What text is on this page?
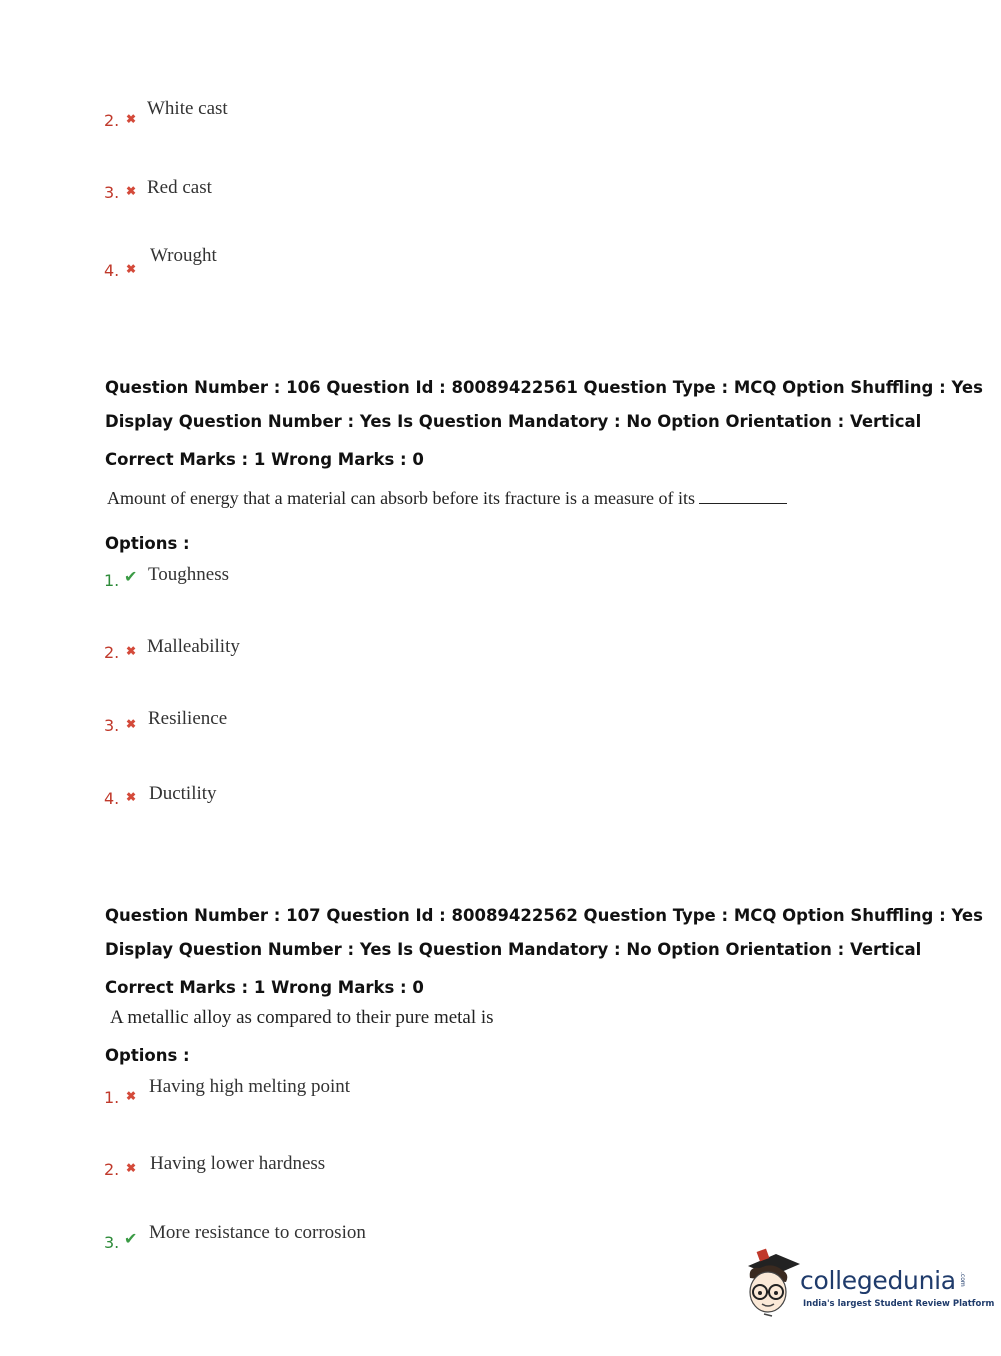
2. ✖ White cast
3. ✖ Red cast
4. ✖
Wrought
Question Number : 106 Question Id : 80089422561 Question Type : MCQ Option Shuffling : Yes
Display Question Number : Yes Is Question Mandatory : No Option Orientation : Vertical
Correct Marks : 1 Wrong Marks : 0
Amount of energy that a material can absorb before its fracture is a measure of its
Options :
1. ✔ Toughness
2. ✖ Malleability
3. ✖ Resilience
4. ✖ Ductility
Question Number : 107 Question Id : 80089422562 Question Type : MCQ Option Shuffling : Yes
Display Question Number : Yes Is Question Mandatory : No Option Orientation : Vertical
Correct Marks : 1 Wrong Marks : 0
A metallic alloy as compared to their pure metal is
Options :
1. ✖ Having high melting point
2. ✖ Having lower hardness
3. ✔ More resistance to corrosion
collegedunia .com
India's largest Student Review Platform
